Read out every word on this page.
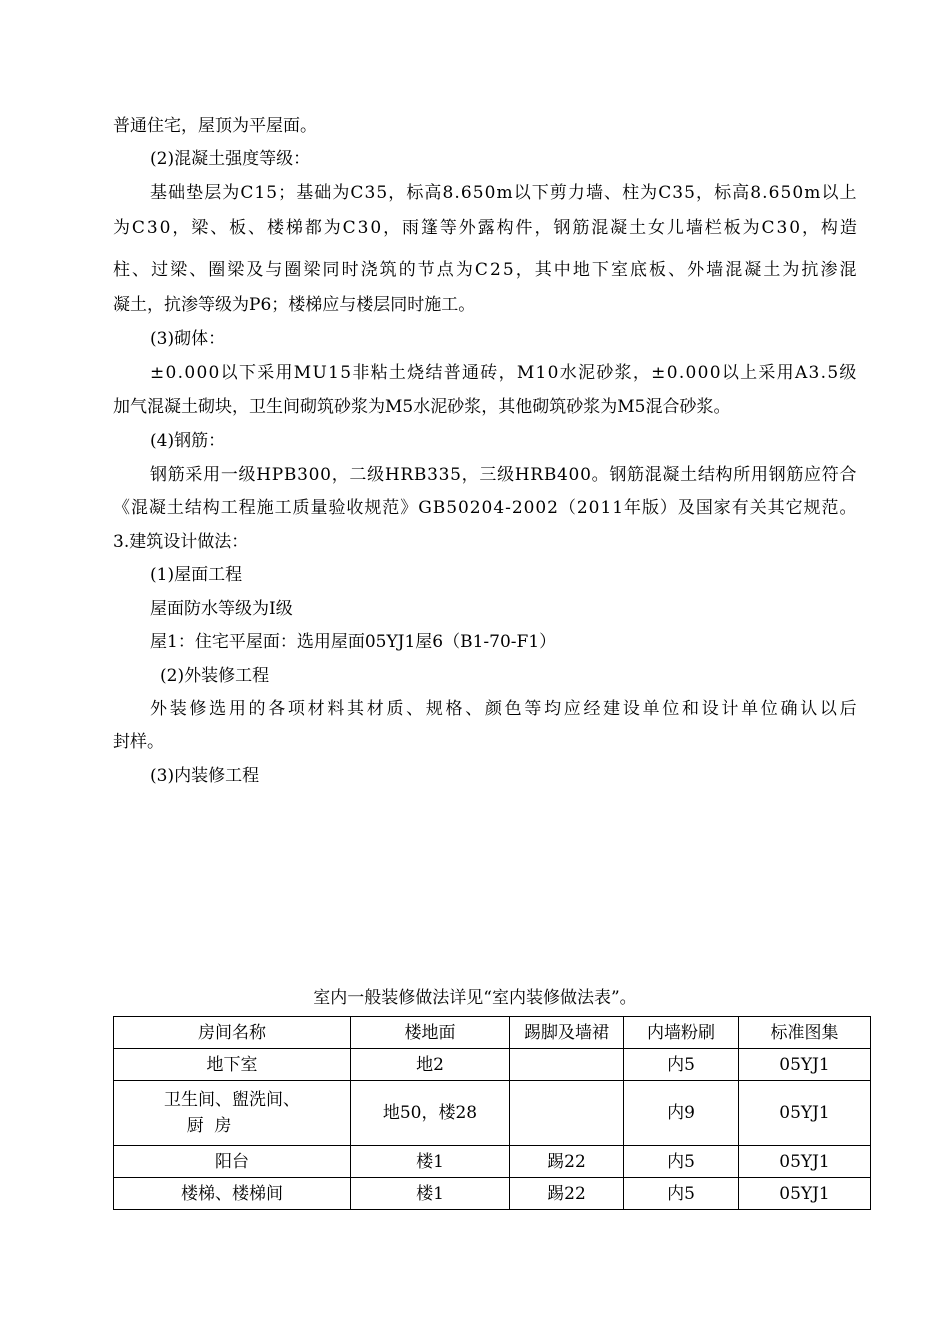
普通住宅，屋顶为平屋面。
(2)混凝土强度等级：
基 础 垫 层 为 C 1 5 ； 基 础 为 C 3 5 ， 标 高 8 . 6 5 0 m 以 下 剪 力 墙 、 柱 为 C 3 5 ， 标 高 8 . 6 5 0 m 以 上
为 C 3 0 ， 梁 、 板 、 楼 梯 都 为 C 3 0 ， 雨 篷 等 外 露 构 件 ， 钢 筋 混 凝 土 女 儿 墙 栏 板 为 C 3 0 ， 构 造
柱 、 过 梁 、 圈 梁 及 与 圈 梁 同 时 浇 筑 的 节 点 为 C 2 5 ， 其 中 地 下 室 底 板 、 外 墙 混 凝 土 为 抗 渗 混
凝土，抗渗等级为P6；楼梯应与楼层同时施工。
(3)砌体：
± 0 . 0 0 0 以 下 采 用 M U 1 5 非 粘 土 烧 结 普 通 砖 ， M 1 0 水 泥 砂 浆 ， ± 0 . 0 0 0 以 上 采 用 A 3 . 5 级
加气混凝土砌块，卫生间砌筑砂浆为M5水泥砂浆，其他砌筑砂浆为M5混合砂浆。
(4)钢筋：
钢 筋 采 用 一 级 H P B 3 0 0 ， 二 级 H R B 3 3 5 ， 三 级 H R B 4 0 0 。 钢 筋 混 凝 土 结 构 所 用 钢 筋 应 符 合
《 混 凝 土 结 构 工 程 施 工 质 量 验 收 规 范 》 G B 5 0 2 0 4 - 2 0 0 2 （ 2 0 1 1 年 版 ） 及 国 家 有 关 其 它 规 范 。
3.建筑设计做法：
(1)屋面工程
屋面防水等级为Ⅰ级
屋1：住宅平屋面：选用屋面05YJ1屋6（B1-70-F1）
(2)外装修工程
外 装 修 选 用 的 各 项 材 料 其 材 质 、 规 格 、 颜 色 等 均 应 经 建 设 单 位 和 设 计 单 位 确 认 以 后
封样。
(3)内装修工程
室内一般装修做法详见“室内装修做法表”。
房间名称	楼地面	踢脚及墙裙	内墙粉刷	标准图集
地下室	地2		内5	05YJ1

卫生间、盥洗间、
厨  房	地50，楼28		内9	05YJ1
阳台	楼1	踢22	内5	05YJ1
楼梯、楼梯间	楼1	踢22	内5	05YJ1
